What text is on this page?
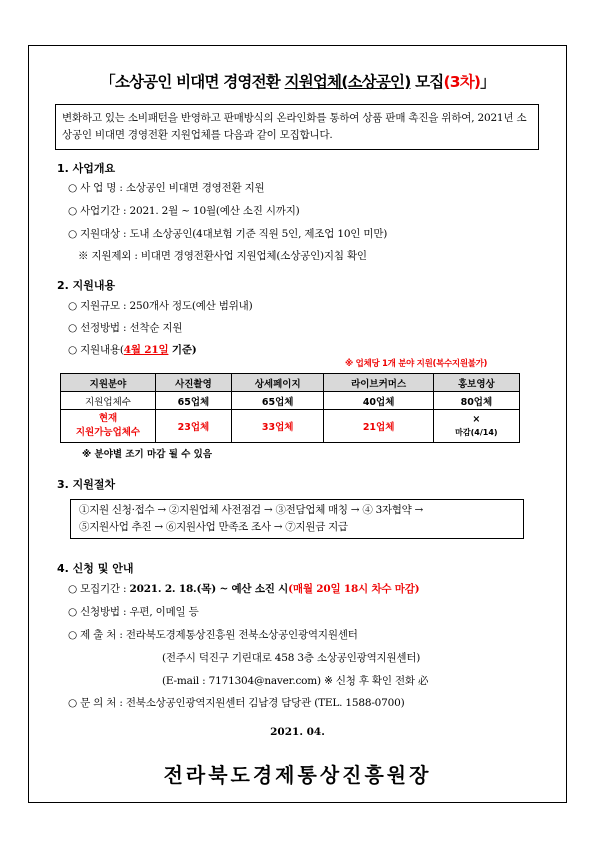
「소상공인 비대면 경영전환 지원업체(소상공인) 모집(3차)」
변화하고 있는 소비패턴을 반영하고 판매방식의 온라인화를 통하여 상품 판매 촉진을 위하여, 2021년 소상공인 비대면 경영전환 지원업체를 다음과 같이 모집합니다.
1. 사업개요
○ 사 업 명 : 소상공인 비대면 경영전환 지원
○ 사업기간 : 2021. 2월 ~ 10월(예산 소진 시까지)
○ 지원대상 : 도내 소상공인(4대보험 기준 직원 5인, 제조업 10인 미만)
※ 지원제외 : 비대면 경영전환사업 지원업체(소상공인)지침 확인
2. 지원내용
○ 지원규모 : 250개사 정도(예산 범위내)
○ 선정방법 : 선착순 지원
○ 지원내용(4월 21일 기준)
※ 업체당 1개 분야 지원(복수지원불가)
지원분야	사진촬영	상세페이지	라이브커머스	홍보영상
지원업체수	65업체	65업체	40업체	80업체
현재
지원가능업체수	23업체	33업체	21업체	×
마감(4/14)
※ 분야별 조기 마감 될 수 있음
3. 지원절차
①지원 신청·접수 → ②지원업체 사전점검 → ③전담업체 매칭 → ④ 3자협약 →
⑤지원사업 추진 → ⑥지원사업 만족조 조사 → ⑦지원금 지급
4. 신청 및 안내
○ 모집기간 : 2021. 2. 18.(목) ~ 예산 소진 시(매월 20일 18시 차수 마감)
○ 신청방법 : 우편, 이메일 등
○ 제 출 처 : 전라북도경제통상진흥원 전북소상공인광역지원센터
(전주시 덕진구 기린대로 458 3층 소상공인광역지원센터)
(E-mail : 7171304@naver.com) ※ 신청 후 확인 전화 必
○ 문 의 처 : 전북소상공인광역지원센터 김남경 담당관 (TEL. 1588-0700)
2021. 04.
전라북도경제통상진흥원장
